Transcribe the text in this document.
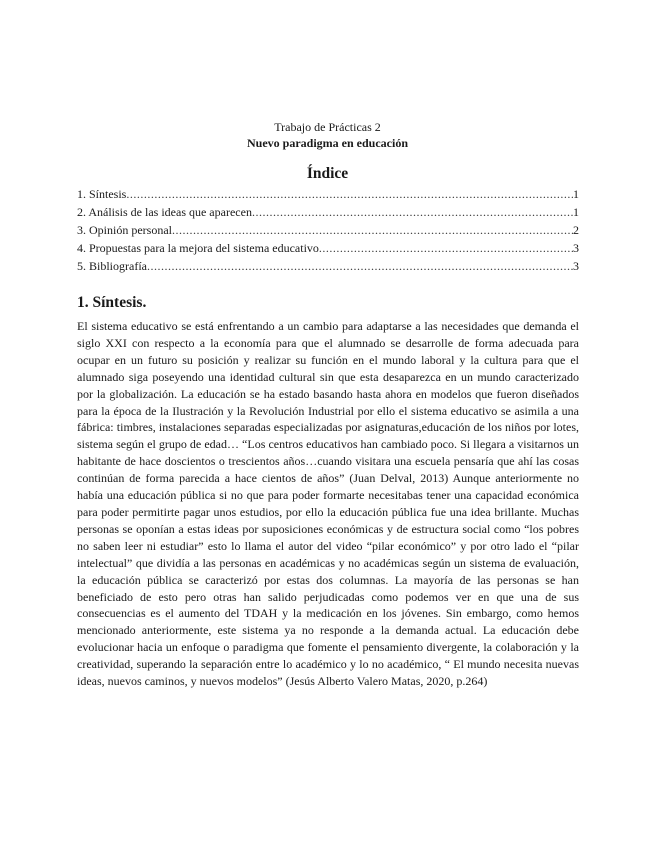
Trabajo de Prácticas 2
Nuevo paradigma en educación
Índice
1. Síntesis .....	1
2. Análisis de las ideas que aparecen .....	1
3. Opinión personal .....	2
4. Propuestas para la mejora del sistema educativo .....	3
5. Bibliografía .....	3
1. Síntesis.

El sistema educativo se está enfrentando a un cambio para adaptarse a las necesidades que demanda el siglo XXI con respecto a la economía para que el alumnado se desarrolle de forma adecuada para ocupar en un futuro su posición y realizar su función en el mundo laboral y la cultura para que el alumnado siga poseyendo una identidad cultural sin que esta desaparezca en un mundo caracterizado por la globalización. La educación se ha estado basando hasta ahora en modelos que fueron diseñados para la época de la Ilustración y la Revolución Industrial por ello el sistema educativo se asimila a una fábrica: timbres, instalaciones separadas especializadas por asignaturas,educación de los niños por lotes, sistema según el grupo de edad… “Los centros educativos han cambiado poco. Si llegara a visitarnos un habitante de hace doscientos o trescientos años…cuando visitara una escuela pensaría que ahí las cosas continúan de forma parecida a hace cientos de años” (Juan Delval, 2013) Aunque anteriormente no había una educación pública si no que para poder formarte necesitabas tener una capacidad económica para poder permitirte pagar unos estudios, por ello la educación pública fue una idea brillante. Muchas personas se oponían a estas ideas por suposiciones económicas y de estructura social como “los pobres no saben leer ni estudiar” esto lo llama el autor del video “pilar económico” y por otro lado el “pilar intelectual” que dividía a las personas en académicas y no académicas según un sistema de evaluación, la educación pública se caracterizó por estas dos columnas. La mayoría de las personas se han beneficiado de esto pero otras han salido perjudicadas como podemos ver en que una de sus consecuencias es el aumento del TDAH y la medicación en los jóvenes. Sin embargo, como hemos mencionado anteriormente, este sistema ya no responde a la demanda actual. La educación debe evolucionar hacia un enfoque o paradigma que fomente el pensamiento divergente, la colaboración y la creatividad, superando la separación entre lo académico y lo no académico, “ El mundo necesita nuevas ideas, nuevos caminos, y nuevos modelos” (Jesús Alberto Valero Matas, 2020, p.264)
